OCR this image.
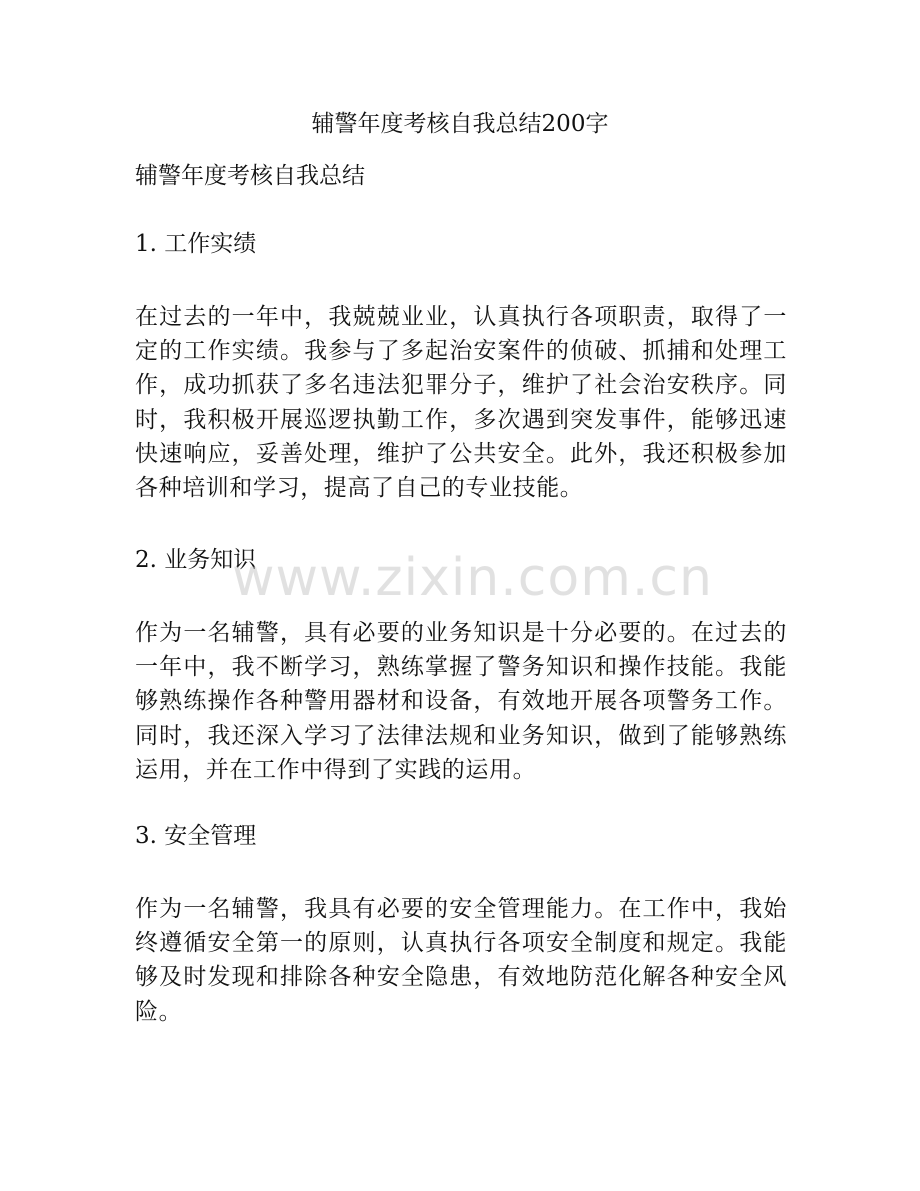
辅警年度考核自我总结200字

辅警年度考核自我总结

1. 工作实绩

在过去的一年中，我兢兢业业，认真执行各项职责，取得了一定的工作实绩。我参与了多起治安案件的侦破、抓捕和处理工作，成功抓获了多名违法犯罪分子，维护了社会治安秩序。同时，我积极开展巡逻执勤工作，多次遇到突发事件，能够迅速快速响应，妥善处理，维护了公共安全。此外，我还积极参加各种培训和学习，提高了自己的专业技能。

2. 业务知识

作为一名辅警，具有必要的业务知识是十分必要的。在过去的一年中，我不断学习，熟练掌握了警务知识和操作技能。我能够熟练操作各种警用器材和设备，有效地开展各项警务工作。同时，我还深入学习了法律法规和业务知识，做到了能够熟练运用，并在工作中得到了实践的运用。

3. 安全管理

作为一名辅警，我具有必要的安全管理能力。在工作中，我始终遵循安全第一的原则，认真执行各项安全制度和规定。我能够及时发现和排除各种安全隐患，有效地防范化解各种安全风险。

www.zixin.com.cn
